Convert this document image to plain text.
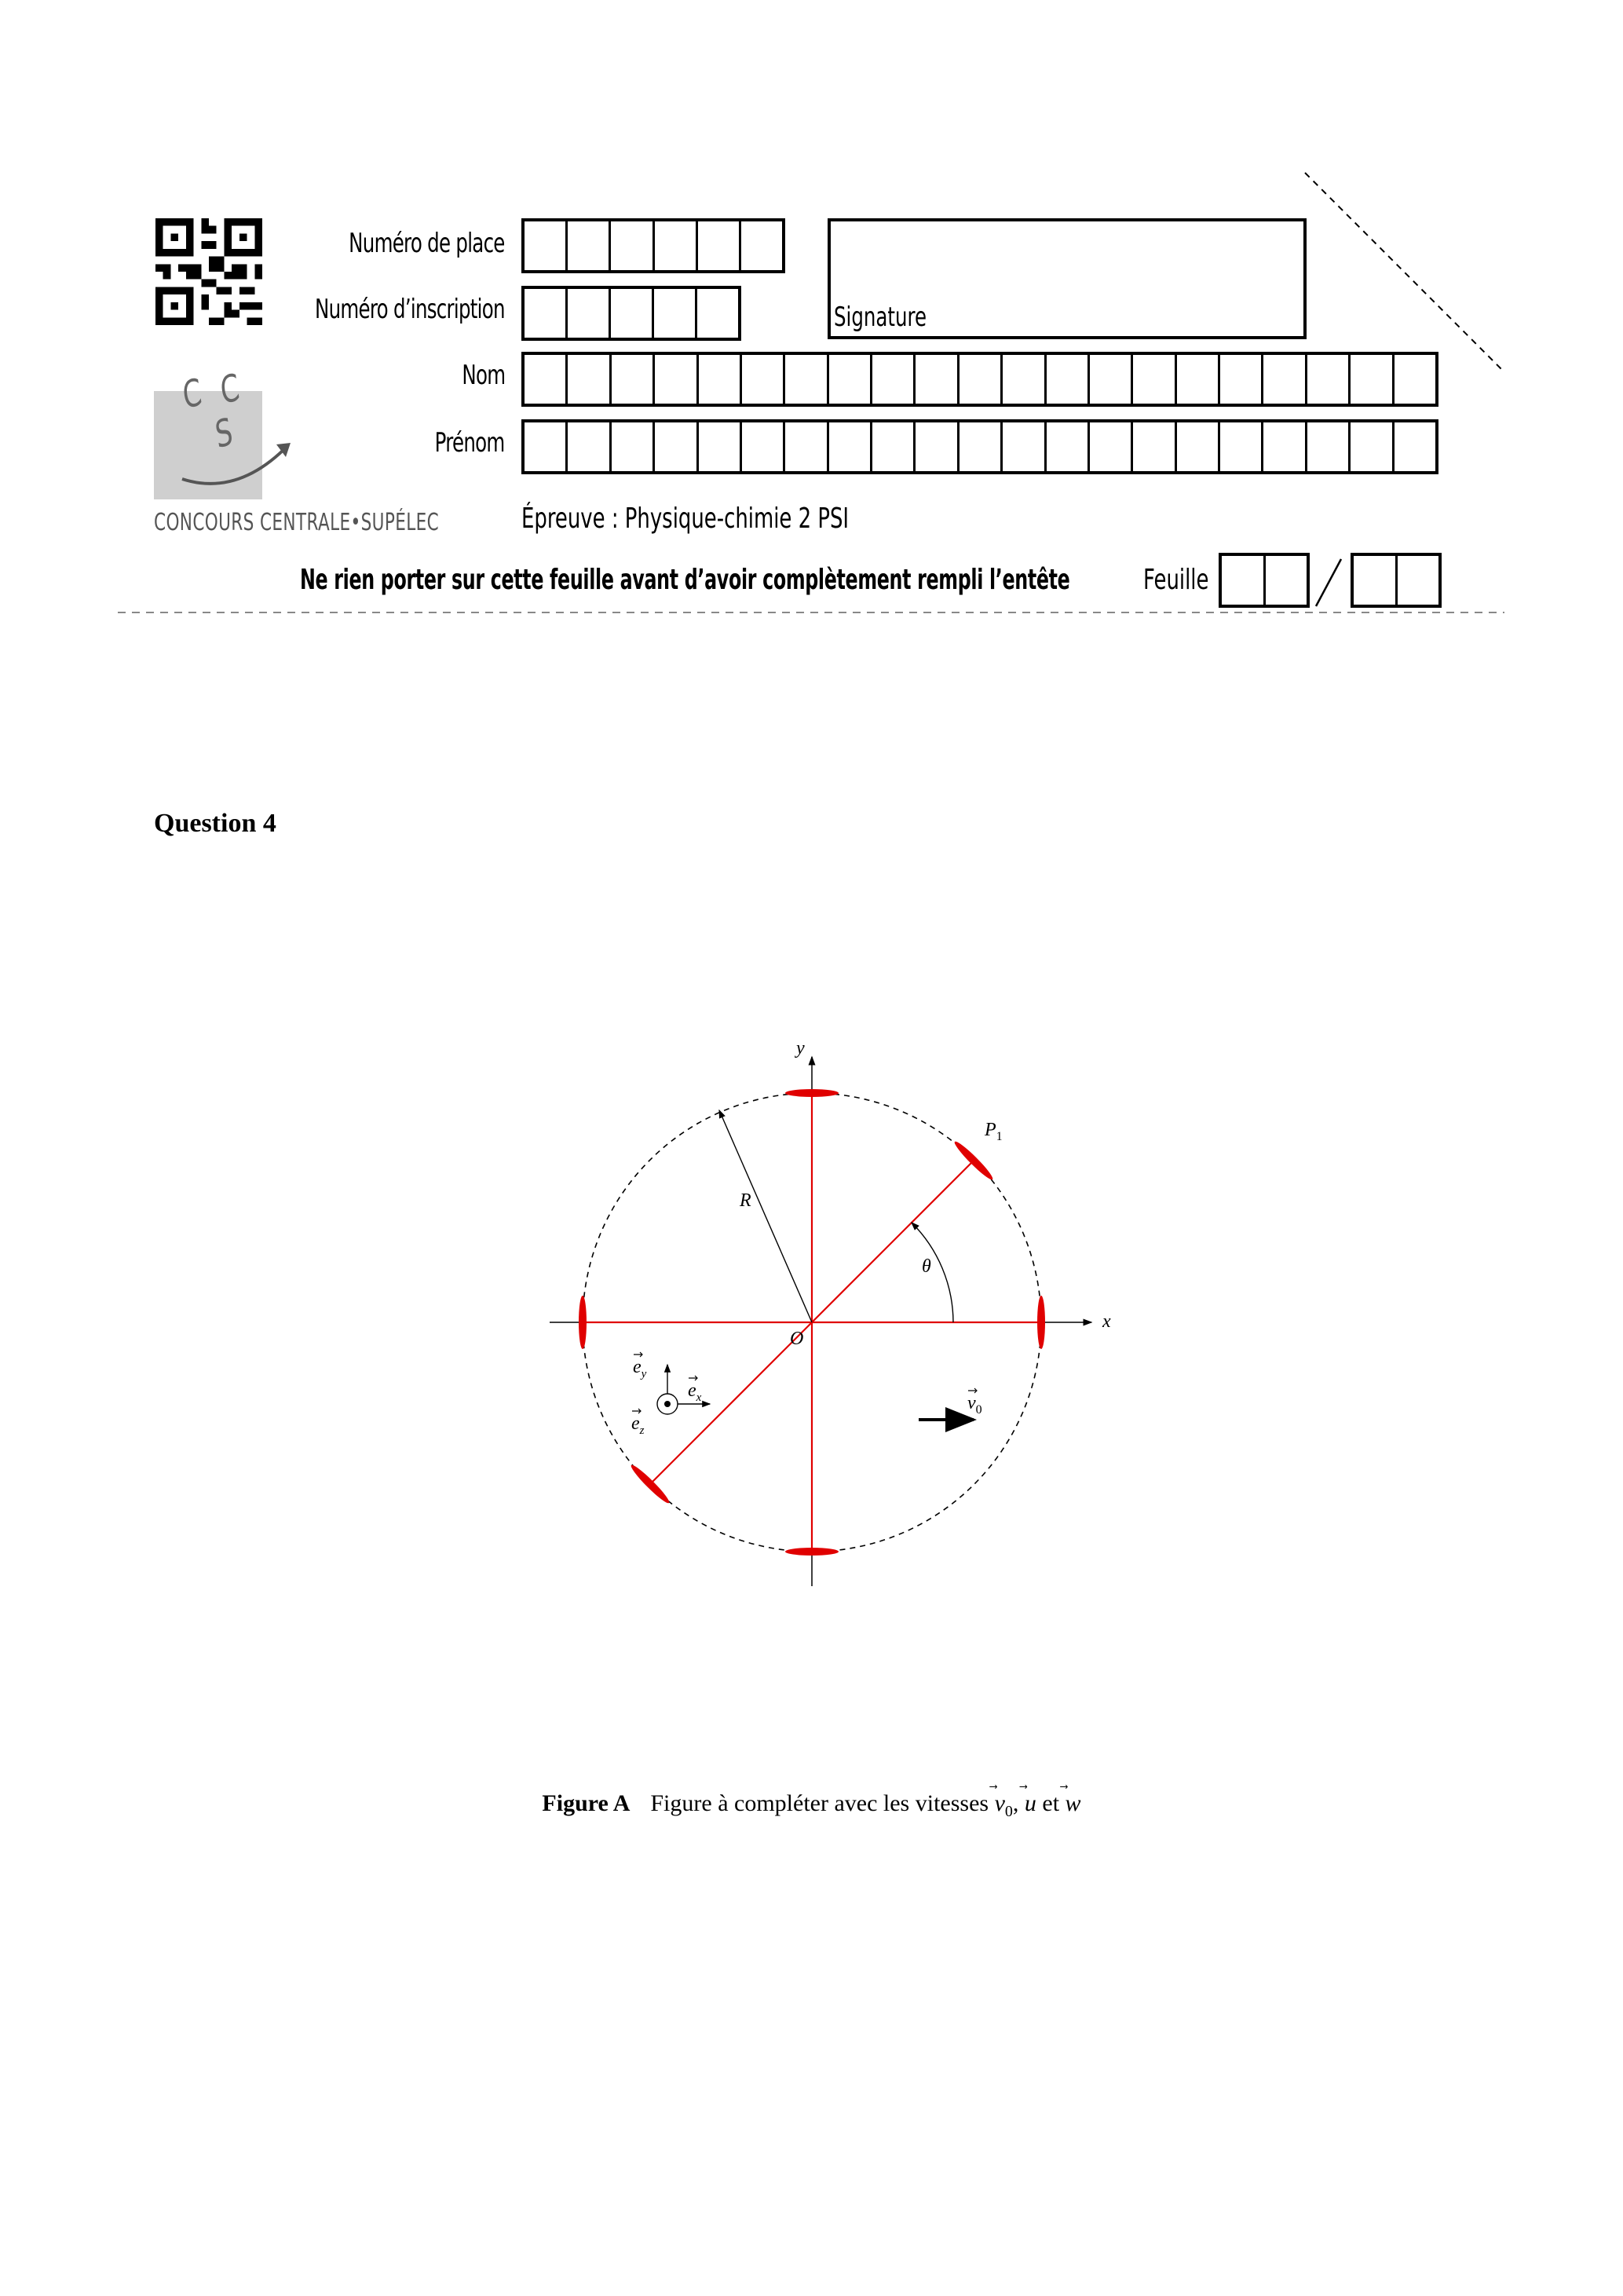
C C
S
CONCOURS CENTRALE•SUPÉLEC
Numéro de place
Numéro d’inscription	Signature
Nom
Prénom
Épreuve : Physique-chimie 2 PSI
Ne rien porter sur cette feuille avant d’avoir complètement rempli l’entête	Feuille
Question 4
y
x
O
R
θ
$P_1$
$e_y$
$e_z$
$e_x$	$v_0$
Figure A Figure à compléter avec les vitesses $v_0$
, u
et w
